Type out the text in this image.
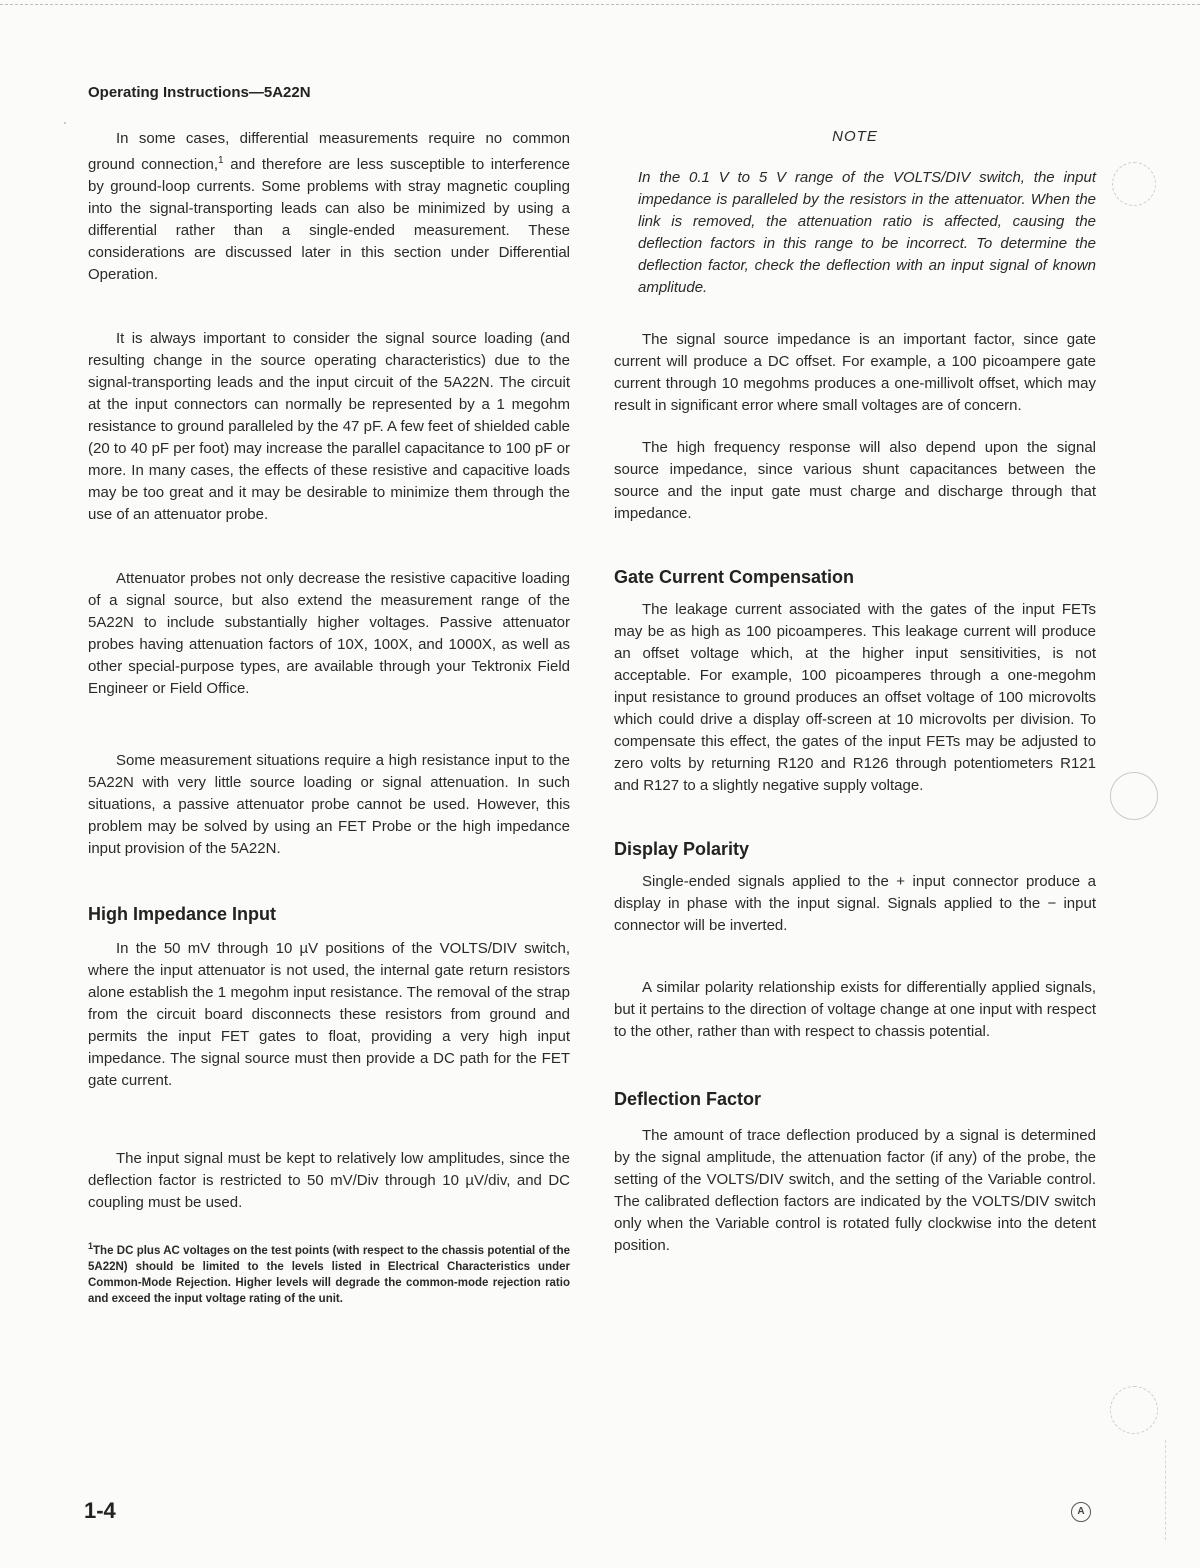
Operating Instructions—5A22N

In some cases, differential measurements require no common ground connection,$^1$ and therefore are less susceptible to interference by ground-loop currents. Some problems with stray magnetic coupling into the signal-transporting leads can also be minimized by using a differential rather than a single-ended measurement. These considerations are discussed later in this section under Differential Operation.

It is always important to consider the signal source loading (and resulting change in the source operating characteristics) due to the signal-transporting leads and the input circuit of the 5A22N. The circuit at the input connectors can normally be represented by a 1 megohm resistance to ground paralleled by the 47 pF. A few feet of shielded cable (20 to 40 pF per foot) may increase the parallel capacitance to 100 pF or more. In many cases, the effects of these resistive and capacitive loads may be too great and it may be desirable to minimize them through the use of an attenuator probe.

Attenuator probes not only decrease the resistive capacitive loading of a signal source, but also extend the measurement range of the 5A22N to include substantially higher voltages. Passive attenuator probes having attenuation factors of 10X, 100X, and 1000X, as well as other special-purpose types, are available through your Tektronix Field Engineer or Field Office.

Some measurement situations require a high resistance input to the 5A22N with very little source loading or signal attenuation. In such situations, a passive attenuator probe cannot be used. However, this problem may be solved by using an FET Probe or the high impedance input provision of the 5A22N.

High Impedance Input

In the 50 mV through 10 µV positions of the VOLTS/DIV switch, where the input attenuator is not used, the internal gate return resistors alone establish the 1 megohm input resistance. The removal of the strap from the circuit board disconnects these resistors from ground and permits the input FET gates to float, providing a very high input impedance. The signal source must then provide a DC path for the FET gate current.

The input signal must be kept to relatively low amplitudes, since the deflection factor is restricted to 50 mV/Div through 10 µV/div, and DC coupling must be used.

$^1$The DC plus AC voltages on the test points (with respect to the chassis potential of the 5A22N) should be limited to the levels listed in Electrical Characteristics under Common-Mode Rejection. Higher levels will degrade the common-mode rejection ratio and exceed the input voltage rating of the unit.

NOTE

In the 0.1 V to 5 V range of the VOLTS/DIV switch, the input impedance is paralleled by the resistors in the attenuator. When the link is removed, the attenuation ratio is affected, causing the deflection factors in this range to be incorrect. To determine the deflection factor, check the deflection with an input signal of known amplitude.

The signal source impedance is an important factor, since gate current will produce a DC offset. For example, a 100 picoampere gate current through 10 megohms produces a one-millivolt offset, which may result in significant error where small voltages are of concern.

The high frequency response will also depend upon the signal source impedance, since various shunt capacitances between the source and the input gate must charge and discharge through that impedance.

Gate Current Compensation

The leakage current associated with the gates of the input FETs may be as high as 100 picoamperes. This leakage current will produce an offset voltage which, at the higher input sensitivities, is not acceptable. For example, 100 picoamperes through a one-megohm input resistance to ground produces an offset voltage of 100 microvolts which could drive a display off-screen at 10 microvolts per division. To compensate this effect, the gates of the input FETs may be adjusted to zero volts by returning R120 and R126 through potentiometers R121 and R127 to a slightly negative supply voltage.

Display Polarity

Single-ended signals applied to the + input connector produce a display in phase with the input signal. Signals applied to the − input connector will be inverted.

A similar polarity relationship exists for differentially applied signals, but it pertains to the direction of voltage change at one input with respect to the other, rather than with respect to chassis potential.

Deflection Factor

The amount of trace deflection produced by a signal is determined by the signal amplitude, the attenuation factor (if any) of the probe, the setting of the VOLTS/DIV switch, and the setting of the Variable control. The calibrated deflection factors are indicated by the VOLTS/DIV switch only when the Variable control is rotated fully clockwise into the detent position.

1-4	A
